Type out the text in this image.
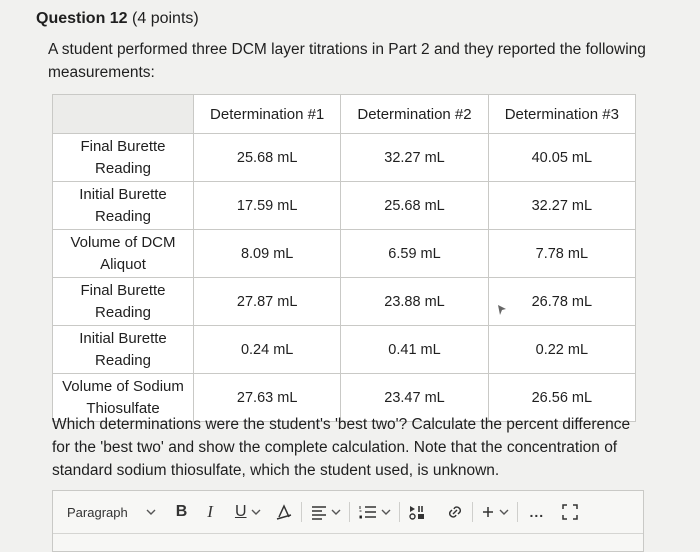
Question 12 (4 points)
A student performed three DCM layer titrations in Part 2 and they reported the following measurements:
	Determination #1	Determination #2	Determination #3
Final Burette
Reading	25.68 mL	32.27 mL	40.05 mL
Initial Burette
Reading	17.59 mL	25.68 mL	32.27 mL
Volume of DCM
Aliquot	8.09 mL	6.59 mL	7.78 mL
Final Burette
Reading	27.87 mL	23.88 mL	26.78 mL
Initial Burette
Reading	0.24 mL	0.41 mL	0.22 mL
Volume of Sodium
Thiosulfate	27.63 mL	23.47 mL	26.56 mL
Which determinations were the student's 'best two'? Calculate the percent difference for the 'best two' and show the complete calculation. Note that the concentration of standard sodium thiosulfate, which the student used, is unknown.
Paragraph	B I U	...
